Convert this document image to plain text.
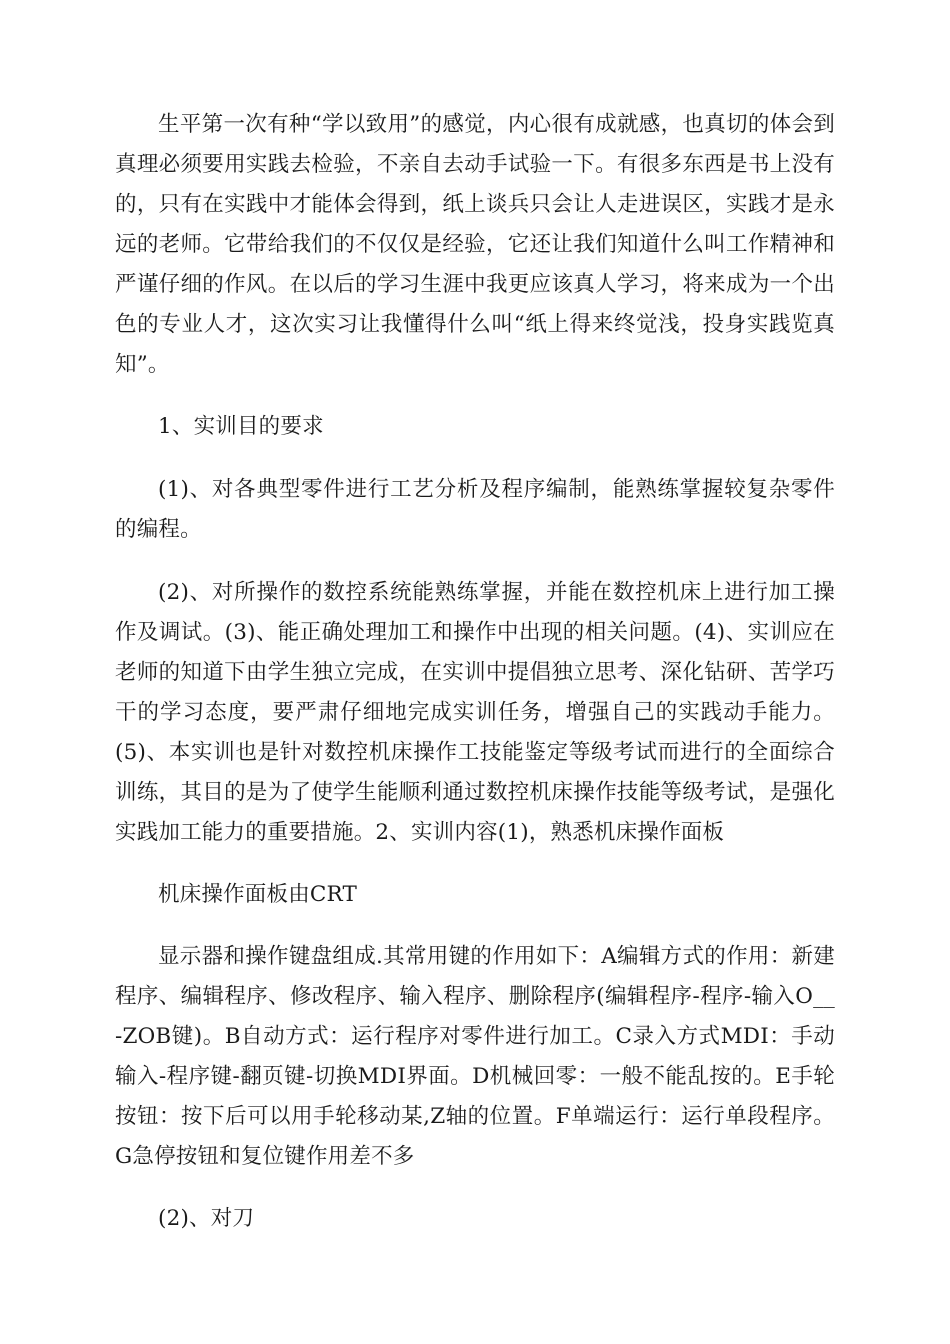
生平第一次有种“学以致用”的感觉，内心很有成就感，也真切的体会到真理必须要用实践去检验，不亲自去动手试验一下。有很多东西是书上没有的，只有在实践中才能体会得到，纸上谈兵只会让人走进误区，实践才是永远的老师。它带给我们的不仅仅是经验，它还让我们知道什么叫工作精神和严谨仔细的作风。在以后的学习生涯中我更应该真人学习，将来成为一个出色的专业人才，这次实习让我懂得什么叫“纸上得来终觉浅，投身实践览真知”。

1、实训目的要求

(1)、对各典型零件进行工艺分析及程序编制，能熟练掌握较复杂零件的编程。

(2)、对所操作的数控系统能熟练掌握，并能在数控机床上进行加工操作及调试。(3)、能正确处理加工和操作中出现的相关问题。(4)、实训应在老师的知道下由学生独立完成，在实训中提倡独立思考、深化钻研、苦学巧干的学习态度，要严肃仔细地完成实训任务，增强自己的实践动手能力。(5)、本实训也是针对数控机床操作工技能鉴定等级考试而进行的全面综合训练，其目的是为了使学生能顺利通过数控机床操作技能等级考试，是强化实践加工能力的重要措施。2、实训内容(1)，熟悉机床操作面板

机床操作面板由CRT

显示器和操作键盘组成.其常用键的作用如下：A编辑方式的作用：新建程序、编辑程序、修改程序、输入程序、删除程序(编辑程序-程序-输入O__-ZOB键)。B自动方式：运行程序对零件进行加工。C录入方式MDI：手动输入-程序键-翻页键-切换MDI界面。D机械回零：一般不能乱按的。E手轮按钮：按下后可以用手轮移动某,Z轴的位置。F单端运行：运行单段程序。G急停按钮和复位键作用差不多

(2)、对刀
